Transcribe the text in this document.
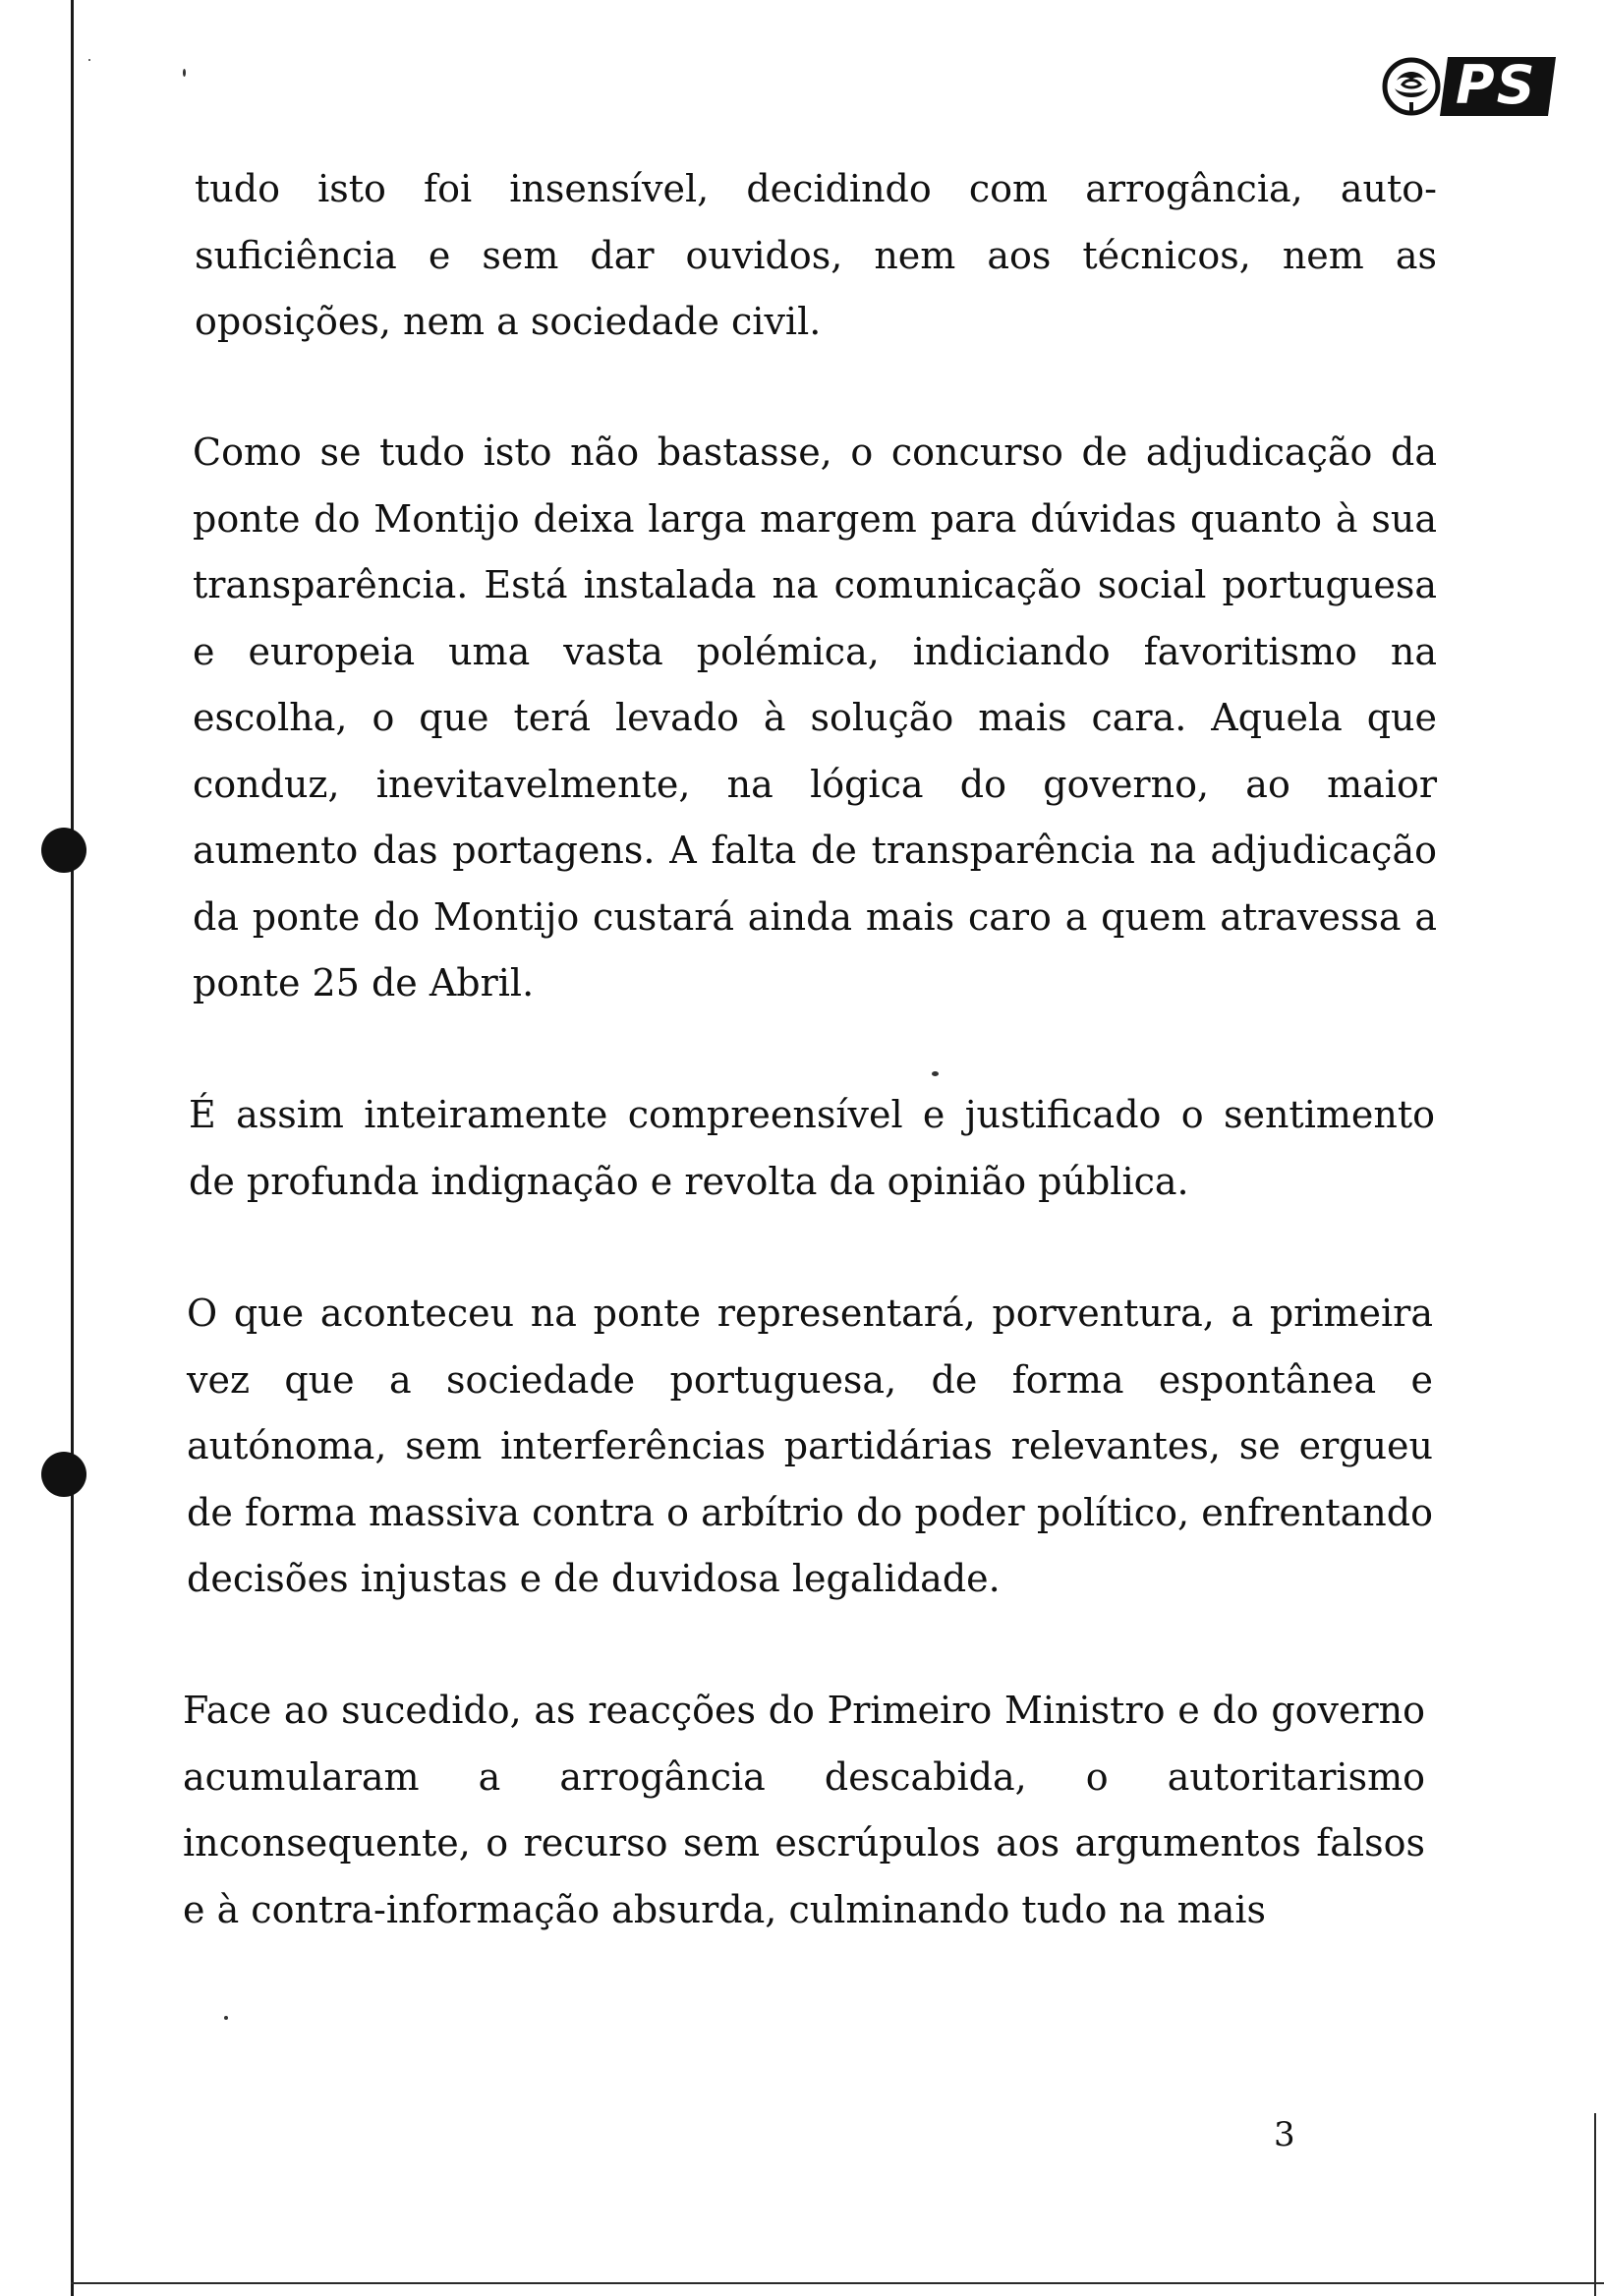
PS

tudo isto foi insensível, decidindo com arrogância, auto-suficiência e sem dar ouvidos, nem aos técnicos, nem as oposições, nem a sociedade civil.

Como se tudo isto não bastasse, o concurso de adjudicação da ponte do Montijo deixa larga margem para dúvidas quanto à sua transparência. Está instalada na comunicação social portuguesa e europeia uma vasta polémica, indiciando favoritismo na escolha, o que terá levado à solução mais cara. Aquela que conduz, inevitavelmente, na lógica do governo, ao maior aumento das portagens. A falta de transparência na adjudicação da ponte do Montijo custará ainda mais caro a quem atravessa a ponte 25 de Abril.

É assim inteiramente compreensível e justificado o sentimento de profunda indignação e revolta da opinião pública.

O que aconteceu na ponte representará, porventura, a primeira vez que a sociedade portuguesa, de forma espontânea e autónoma, sem interferências partidárias relevantes, se ergueu de forma massiva contra o arbítrio do poder político, enfrentando decisões injustas e de duvidosa legalidade.

Face ao sucedido, as reacções do Primeiro Ministro e do governo acumularam a arrogância descabida, o autoritarismo inconsequente, o recurso sem escrúpulos aos argumentos falsos e à contra-informação absurda, culminando tudo na mais

3
